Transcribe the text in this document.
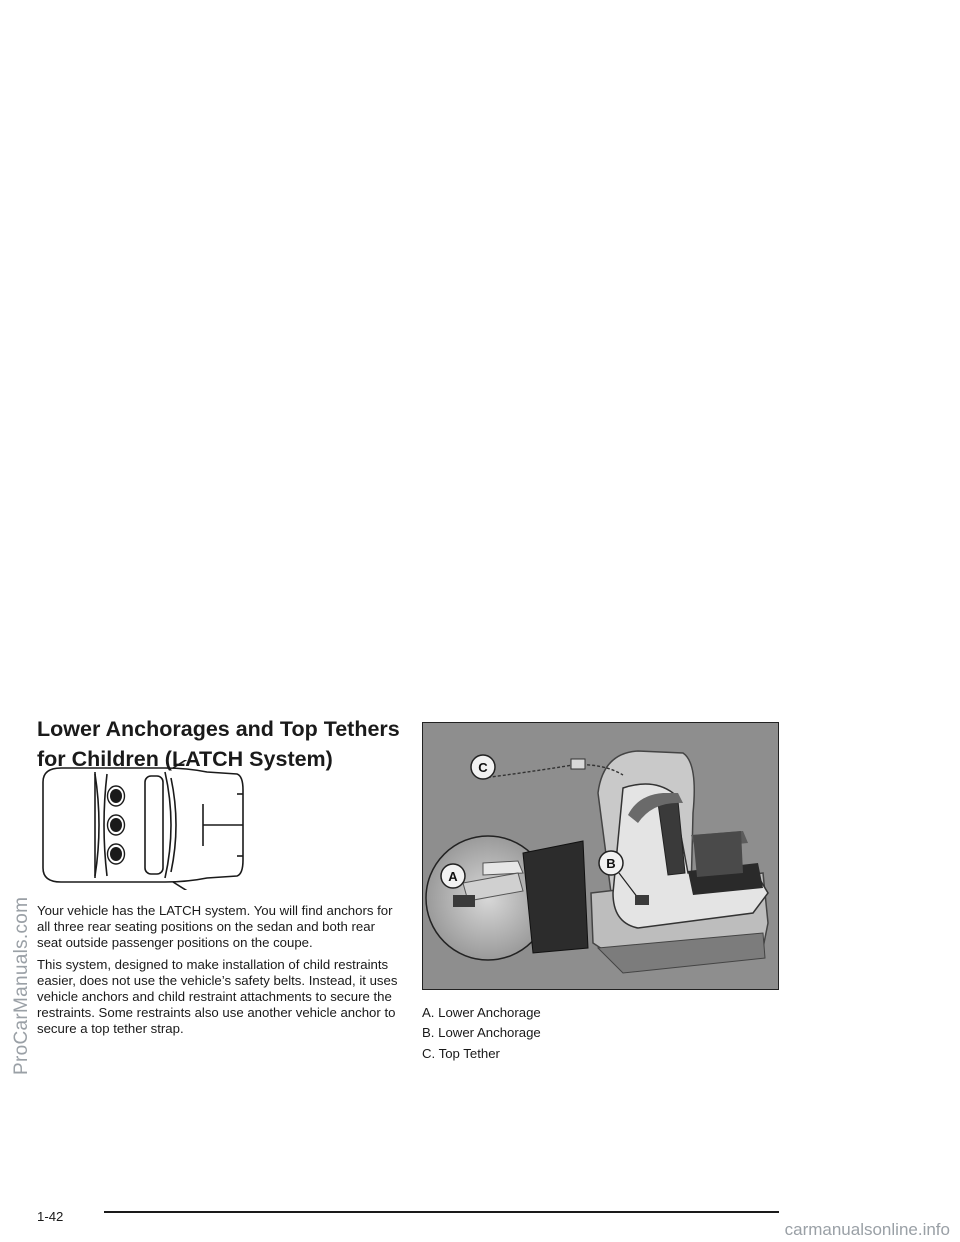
Lower Anchorages and Top Tethers for Children (LATCH System)

Your vehicle has the LATCH system. You will find anchors for all three rear seating positions on the sedan and both rear seat outside passenger positions on the coupe.

This system, designed to make installation of child restraints easier, does not use the vehicle’s safety belts. Instead, it uses vehicle anchors and child restraint attachments to secure the restraints. Some restraints also use another vehicle anchor to secure a top tether strap.

C
A
B
A. Lower Anchorage
B. Lower Anchorage
C. Top Tether
1-42
ProCarManuals.com
carmanualsonline.info
